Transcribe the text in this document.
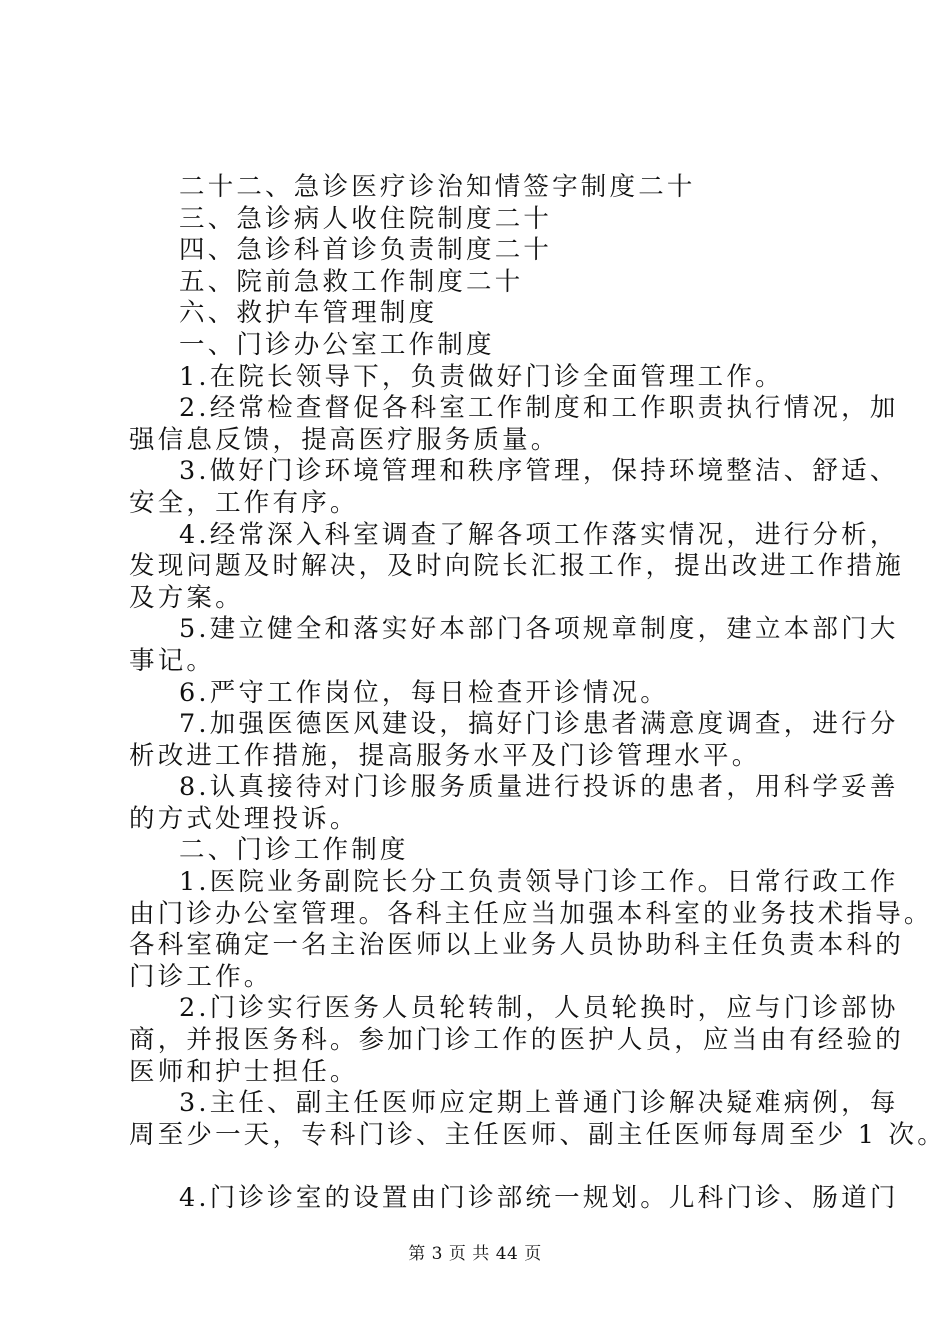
二十二、急诊医疗诊治知情签字制度二十
三、急诊病人收住院制度二十
四、急诊科首诊负责制度二十
五、院前急救工作制度二十
六、救护车管理制度
一、门诊办公室工作制度
1.在院长领导下，负责做好门诊全面管理工作。
2.经常检查督促各科室工作制度和工作职责执行情况，加
强信息反馈，提高医疗服务质量。
3.做好门诊环境管理和秩序管理，保持环境整洁、舒适、
安全，工作有序。
4.经常深入科室调查了解各项工作落实情况，进行分析，
发现问题及时解决，及时向院长汇报工作，提出改进工作措施
及方案。
5.建立健全和落实好本部门各项规章制度，建立本部门大
事记。
6.严守工作岗位，每日检查开诊情况。
7.加强医德医风建设，搞好门诊患者满意度调查，进行分
析改进工作措施，提高服务水平及门诊管理水平。
8.认真接待对门诊服务质量进行投诉的患者，用科学妥善
的方式处理投诉。
二、门诊工作制度
1.医院业务副院长分工负责领导门诊工作。日常行政工作
由门诊办公室管理。各科主任应当加强本科室的业务技术指导。
各科室确定一名主治医师以上业务人员协助科主任负责本科的
门诊工作。
2.门诊实行医务人员轮转制，人员轮换时，应与门诊部协
商，并报医务科。参加门诊工作的医护人员，应当由有经验的
医师和护士担任。
3.主任、副主任医师应定期上普通门诊解决疑难病例，每
周至少一天，专科门诊、主任医师、副主任医师每周至少 1 次。
4.门诊诊室的设置由门诊部统一规划。儿科门诊、肠道门
第 3 页 共 44 页
